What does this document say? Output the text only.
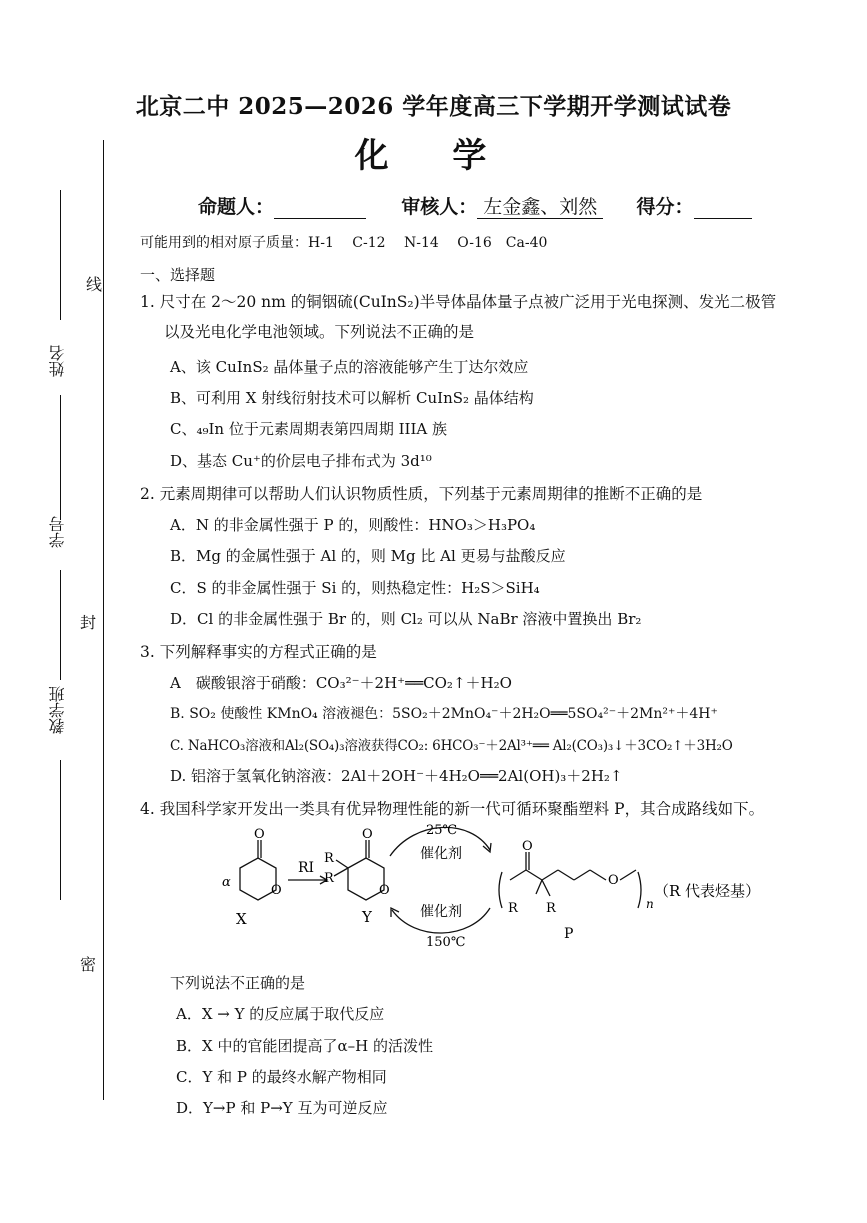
线
姓名
学号
封
教学班
密
北京二中 2025—2026 学年度高三下学期开学测试试卷
化 学
命题人：	审核人： 左金鑫、刘然 得分：
可能用到的相对原子质量：H-1　 C-12　 N-14　 O-16　Ca-40
一、选择题
1. 尺寸在 2～20 nm 的铜铟硫(CuInS₂)半导体晶体量子点被广泛用于光电探测、发光二极管
以及光电化学电池领域。下列说法不正确的是
A、该 CuInS₂ 晶体量子点的溶液能够产生丁达尔效应
B、可利用 X 射线衍射技术可以解析 CuInS₂ 晶体结构
C、₄₉In 位于元素周期表第四周期 IIIA 族
D、基态 Cu⁺的价层电子排布式为 3d¹⁰
2. 元素周期律可以帮助人们认识物质性质，下列基于元素周期律的推断不正确的是
A．N 的非金属性强于 P 的，则酸性：HNO₃＞H₃PO₄
B．Mg 的金属性强于 Al 的，则 Mg 比 Al 更易与盐酸反应
C．S 的非金属性强于 Si 的，则热稳定性：H₂S＞SiH₄
D．Cl 的非金属性强于 Br 的，则 Cl₂ 可以从 NaBr 溶液中置换出 Br₂
3. 下列解释事实的方程式正确的是
A　碳酸银溶于硝酸：CO₃²⁻＋2H⁺══CO₂↑＋H₂O
B. SO₂ 使酸性 KMnO₄ 溶液褪色：5SO₂＋2MnO₄⁻＋2H₂O══5SO₄²⁻＋2Mn²⁺＋4H⁺
C. NaHCO₃溶液和Al₂(SO₄)₃溶液获得CO₂: 6HCO₃⁻＋2Al³⁺══ Al₂(CO₃)₃↓＋3CO₂↑＋3H₂O
D. 铝溶于氢氧化钠溶液：2Al＋2OH⁻＋4H₂O══2Al(OH)₃＋2H₂↑
4. 我国科学家开发出一类具有优异物理性能的新一代可循环聚酯塑料 P，其合成路线如下。
α
O
O
X
RI
O
O
R
R
Y
25℃
催化剂
催化剂
150℃
O
R R
O
n
P
（R 代表烃基）
下列说法不正确的是
A．X → Y 的反应属于取代反应
B．X 中的官能团提高了α–H 的活泼性
C．Y 和 P 的最终水解产物相同
D．Y→P 和 P→Y 互为可逆反应
